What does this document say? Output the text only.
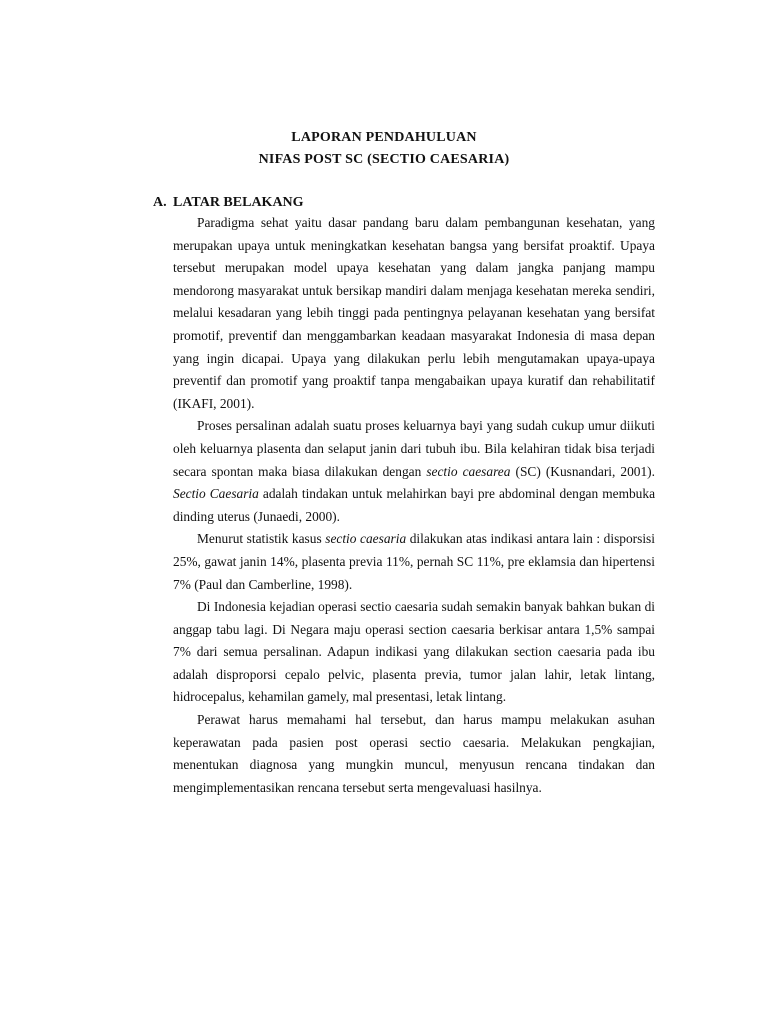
LAPORAN PENDAHULUAN
NIFAS POST SC (SECTIO CAESARIA)
A. LATAR BELAKANG

Paradigma sehat yaitu dasar pandang baru dalam pembangunan kesehatan, yang merupakan upaya untuk meningkatkan kesehatan bangsa yang bersifat proaktif. Upaya tersebut merupakan model upaya kesehatan yang dalam jangka panjang mampu mendorong masyarakat untuk bersikap mandiri dalam menjaga kesehatan mereka sendiri, melalui kesadaran yang lebih tinggi pada pentingnya pelayanan kesehatan yang bersifat promotif, preventif dan menggambarkan keadaan masyarakat Indonesia di masa depan yang ingin dicapai. Upaya yang dilakukan perlu lebih mengutamakan upaya-upaya preventif dan promotif yang proaktif tanpa mengabaikan upaya kuratif dan rehabilitatif (IKAFI, 2001).

Proses persalinan adalah suatu proses keluarnya bayi yang sudah cukup umur diikuti oleh keluarnya plasenta dan selaput janin dari tubuh ibu. Bila kelahiran tidak bisa terjadi secara spontan maka biasa dilakukan dengan sectio caesarea (SC) (Kusnandari, 2001). Sectio Caesaria adalah tindakan untuk melahirkan bayi pre abdominal dengan membuka dinding uterus (Junaedi, 2000).

Menurut statistik kasus sectio caesaria dilakukan atas indikasi antara lain : disporsisi 25%, gawat janin 14%, plasenta previa 11%, pernah SC 11%, pre eklamsia dan hipertensi 7% (Paul dan Camberline, 1998).

Di Indonesia kejadian operasi sectio caesaria sudah semakin banyak bahkan bukan di anggap tabu lagi. Di Negara maju operasi section caesaria berkisar antara 1,5% sampai 7% dari semua persalinan. Adapun indikasi yang dilakukan section caesaria pada ibu adalah disproporsi cepalo pelvic, plasenta previa, tumor jalan lahir, letak lintang, hidrocepalus, kehamilan gamely, mal presentasi, letak lintang.

Perawat harus memahami hal tersebut, dan harus mampu melakukan asuhan keperawatan pada pasien post operasi sectio caesaria. Melakukan pengkajian, menentukan diagnosa yang mungkin muncul, menyusun rencana tindakan dan mengimplementasikan rencana tersebut serta mengevaluasi hasilnya.
